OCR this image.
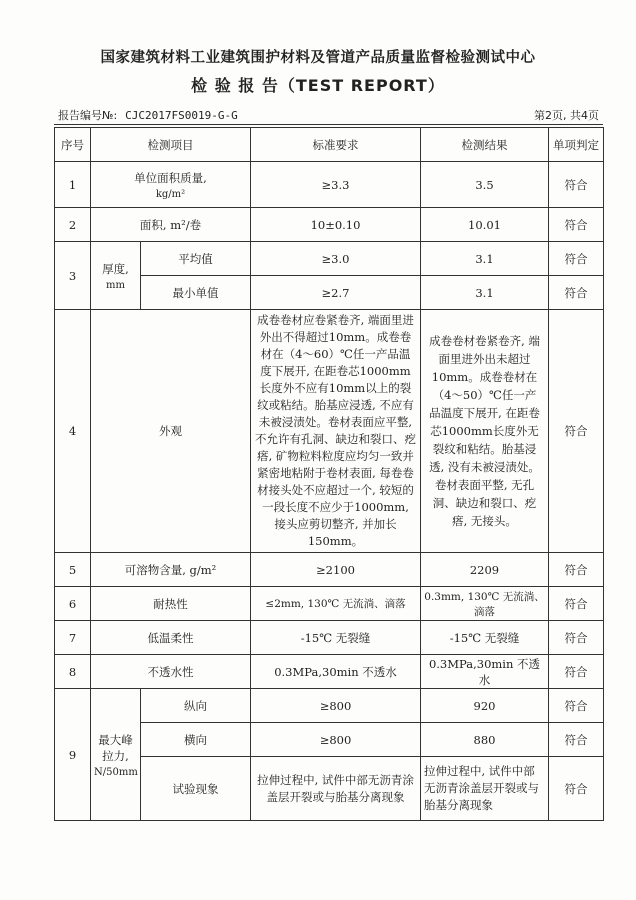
国家建筑材料工业建筑围护材料及管道产品质量监督检验测试中心
检 验 报 告（TEST REPORT）
报告编号№: CJC2017FS0019-G-G	第2页, 共4页
序号	检测项目		标准要求	检测结果	单项判定
1	单位面积质量,
kg/m²		≥3.3	3.5	符合
2	面积, m²/卷		10±0.10	10.01	符合
3	厚度,
mm	平均值	≥3.0	3.1	符合
		最小单值	≥2.7	3.1	符合
4	外观		成卷卷材应卷紧卷齐, 端面里进外出不得超过10mm。成卷卷材在（4～60）℃任一产品温度下展开, 在距卷芯1000mm长度外不应有10mm以上的裂纹或粘结。胎基应浸透, 不应有未被浸渍处。卷材表面应平整, 不允许有孔洞、缺边和裂口、疙瘩, 矿物粒料粒度应均匀一致并紧密地粘附于卷材表面, 每卷卷材接头处不应超过一个, 较短的一段长度不应少于1000mm, 接头应剪切整齐, 并加长150mm。	成卷卷材卷紧卷齐, 端面里进外出未超过10mm。成卷卷材在（4～50）℃任一产品温度下展开, 在距卷芯1000mm长度外无裂纹和粘结。胎基浸透, 没有未被浸渍处。卷材表面平整, 无孔洞、缺边和裂口、疙瘩, 无接头。	符合
5	可溶物含量, g/m²		≥2100	2209	符合
6	耐热性		≤2mm, 130℃ 无流淌、滴落	0.3mm, 130℃ 无流淌、滴落	符合
7	低温柔性		-15℃ 无裂缝	-15℃ 无裂缝	符合
8	不透水性		0.3MPa,30min 不透水	0.3MPa,30min 不透水	符合
9	最大峰
拉力,
N/50mm	纵向	≥800	920	符合
		横向	≥800	880	符合
		试验现象	拉伸过程中, 试件中部无沥青涂盖层开裂或与胎基分离现象	拉伸过程中, 试件中部无沥青涂盖层开裂或与胎基分离现象	符合
